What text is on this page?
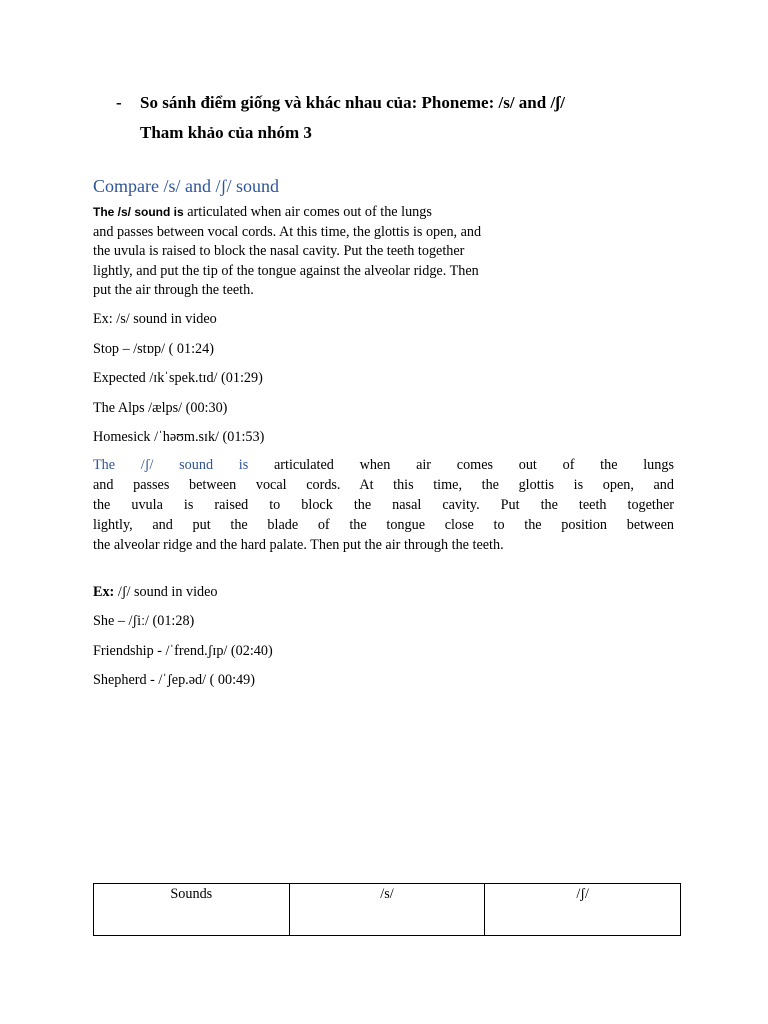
- So sánh điểm giống và khác nhau của: Phoneme: /s/ and /ʃ/
Tham khảo của nhóm 3
Compare /s/ and /ʃ/ sound
The /s/ sound is articulated when air comes out of the lungs
and passes between vocal cords. At this time, the glottis is open, and
the uvula is raised to block the nasal cavity. Put the teeth together
lightly, and put the tip of the tongue against the alveolar ridge. Then
put the air through the teeth.
Ex: /s/ sound in video
Stop – /stɒp/ ( 01:24)
Expected /ɪkˈspek.tɪd/ (01:29)
The Alps /ælps/ (00:30)
Homesick /ˈhəʊm.sɪk/ (01:53)
The /ʃ/ sound is articulated when air comes out of the lungs
and passes between vocal cords. At this time, the glottis is open, and
the uvula is raised to block the nasal cavity. Put the teeth together
lightly, and put the blade of the tongue close to the position between
the alveolar ridge and the hard palate. Then put the air through the teeth.
Ex: /ʃ/ sound in video
She – /ʃiː/ (01:28)
Friendship - /ˈfrend.ʃɪp/ (02:40)
Shepherd - /ˈʃep.əd/ ( 00:49)
Sounds	/s/	/ʃ/
